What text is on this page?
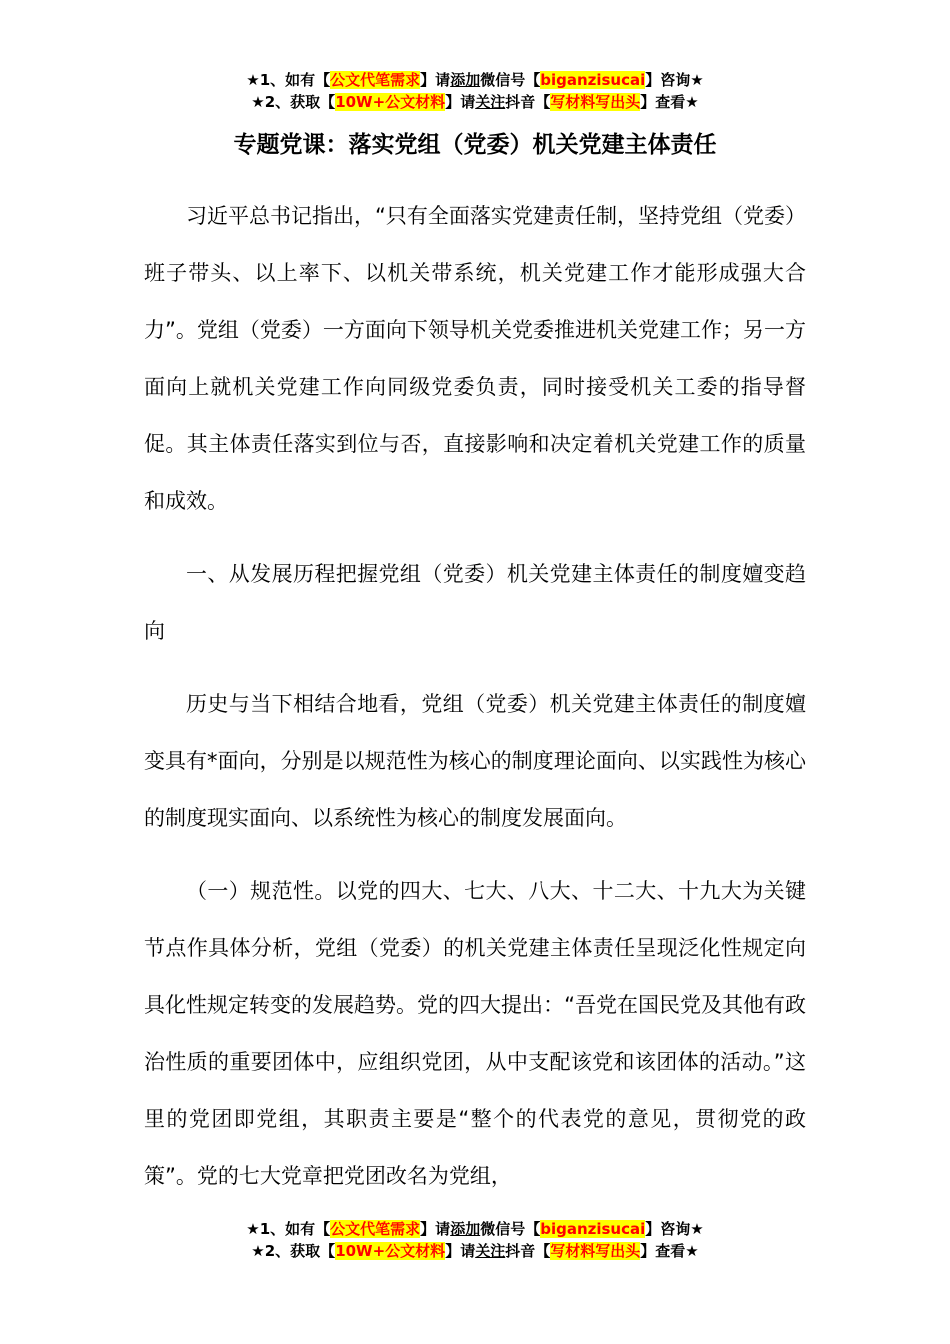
★1、如有【公文代笔需求】请添加微信号【biganzisucai】咨询★
★2、获取【10W+公文材料】请关注抖音【写材料写出头】查看★
专题党课：落实党组（党委）机关党建主体责任

习近平总书记指出，“只有全面落实党建责任制，坚持党组（党委）班子带头、以上率下、以机关带系统，机关党建工作才能形成强大合力”。党组（党委）一方面向下领导机关党委推进机关党建工作；另一方面向上就机关党建工作向同级党委负责，同时接受机关工委的指导督促。其主体责任落实到位与否，直接影响和决定着机关党建工作的质量和成效。

一、从发展历程把握党组（党委）机关党建主体责任的制度嬗变趋向

历史与当下相结合地看，党组（党委）机关党建主体责任的制度嬗变具有*面向，分别是以规范性为核心的制度理论面向、以实践性为核心的制度现实面向、以系统性为核心的制度发展面向。

（一）规范性。以党的四大、七大、八大、十二大、十九大为关键节点作具体分析，党组（党委）的机关党建主体责任呈现泛化性规定向具化性规定转变的发展趋势。党的四大提出：“吾党在国民党及其他有政治性质的重要团体中，应组织党团，从中支配该党和该团体的活动。”这里的党团即党组，其职责主要是“整个的代表党的意见，贯彻党的政策”。党的七大党章把党团改名为党组，

★1、如有【公文代笔需求】请添加微信号【biganzisucai】咨询★
★2、获取【10W+公文材料】请关注抖音【写材料写出头】查看★
